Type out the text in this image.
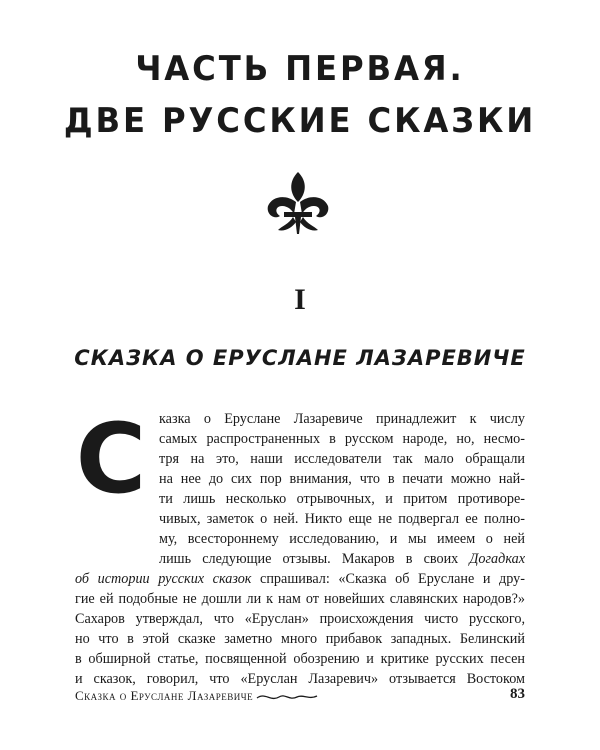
ЧАСТЬ ПЕРВАЯ.
ДВЕ РУССКИЕ СКАЗКИ
I
СКАЗКА О ЕРУСЛАНЕ ЛАЗАРЕВИЧЕ
С казка о Еруслане Лазаревиче принадлежит к числу
самых распространенных в русском народе, но, несмо-
тря на это, наши исследователи так мало обращали
на нее до сих пор внимания, что в печати можно най-
ти лишь несколько отрывочных, и притом противоре-
чивых, заметок о ней. Никто еще не подвергал ее полно-
му, всестороннему исследованию, и мы имеем о ней
лишь следующие отзывы. Макаров в своих Догадках
об истории русских сказок спрашивал: «Сказка об Еруслане и дру-
гие ей подобные не дошли ли к нам от новейших славянских народов?»
Сахаров утверждал, что «Еруслан» происхождения чисто русского,
но что в этой сказке заметно много прибавок западных. Белинский
в обширной статье, посвященной обозрению и критике русских песен
и сказок, говорил, что «Еруслан Лазаревич» отзывается Востоком
Сказка о Еруслане Лазаревиче	83
